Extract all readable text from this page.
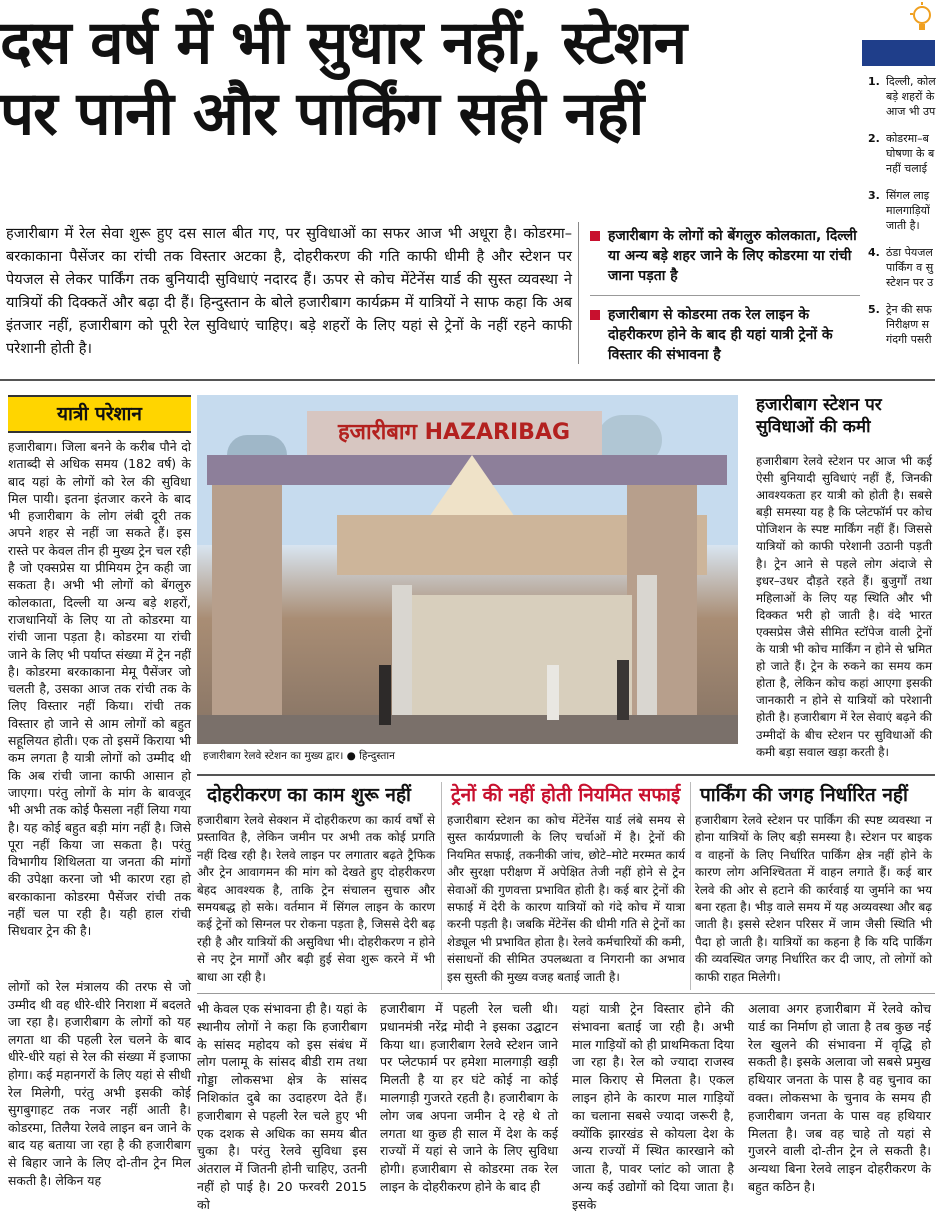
दस वर्ष में भी सुधार नहीं, स्टेशन
पर पानी और पार्किंग सही नहीं	1. दिल्ली, कोल
बड़े शहरों के
आज भी उप
2. कोडरमा–ब
घोषणा के ब
नहीं चलाई
3. सिंगल लाइ
मालगाड़ियों
जाती है।
4. ठंडा पेयजल
पार्किंग व सु
स्टेशन पर उ
5. ट्रेन की सफ
निरीक्षण स
गंदगी पसरी
हजारीबाग में रेल सेवा शुरू हुए दस साल बीत गए, पर सुविधाओं का सफर आज भी अधूरा है। कोडरमा–बरकाकाना पैसेंजर का रांची तक विस्तार अटका है, दोहरीकरण की गति काफी धीमी है और स्टेशन पर पेयजल से लेकर पार्किंग तक बुनियादी सुविधाएं नदारद हैं। ऊपर से कोच मेंटेनेंस यार्ड की सुस्त व्यवस्था ने यात्रियों की दिक्कतें और बढ़ा दी हैं। हिन्दुस्तान के बोले हजारीबाग कार्यक्रम में यात्रियों ने साफ कहा कि अब इंतजार नहीं, हजारीबाग को पूरी रेल सुविधाएं चाहिए। बड़े शहरों के लिए यहां से ट्रेनों के नहीं रहने काफी परेशानी होती है।
हजारीबाग के लोगों को बेंगलुरु कोलकाता, दिल्ली या अन्य बड़े शहर जाने के लिए कोडरमा या रांची जाना पड़ता है
हजारीबाग से कोडरमा तक रेल लाइन के दोहरीकरण होने के बाद ही यहां यात्री ट्रेनों के विस्तार की संभावना है
यात्री परेशान
हजारीबाग। जिला बनने के करीब पौने दो शताब्दी से अधिक समय (182 वर्ष) के बाद यहां के लोगों को रेल की सुविधा मिल पायी। इतना इंतजार करने के बाद भी हजारीबाग के लोग लंबी दूरी तक अपने शहर से नहीं जा सकते हैं। इस रास्ते पर केवल तीन ही मुख्य ट्रेन चल रही है जो एक्सप्रेस या प्रीमियम ट्रेन कही जा सकता है। अभी भी लोगों को बेंगलुरु कोलकाता, दिल्ली या अन्य बड़े शहरों, राजधानियों के लिए या तो कोडरमा या रांची जाना पड़ता है। कोडरमा या रांची जाने के लिए भी पर्याप्त संख्या में ट्रेन नहीं है। कोडरमा बरकाकाना मेमू पैसेंजर जो चलती है, उसका आज तक रांची तक के लिए विस्तार नहीं किया। रांची तक विस्तार हो जाने से आम लोगों को बहुत सहूलियत होती। एक तो इसमें किराया भी कम लगता है यात्री लोगों को उम्मीद थी कि अब रांची जाना काफी आसान हो जाएगा। परंतु लोगों के मांग के बावजूद भी अभी तक कोई फैसला नहीं लिया गया है। यह कोई बहुत बड़ी मांग नहीं है। जिसे पूरा नहीं किया जा सकता है। परंतु विभागीय शिथिलता या जनता की मांगों की उपेक्षा करना जो भी कारण रहा हो बरकाकाना कोडरमा पैसेंजर रांची तक नहीं चल पा रही है। यही हाल रांची सिधवार ट्रेन की है।
लोगों को रेल मंत्रालय की तरफ से जो उम्मीद थी वह धीरे-धीरे निराशा में बदलते जा रहा है। हजारीबाग के लोगों को यह लगता था की पहली रेल चलने के बाद धीरे-धीरे यहां से रेल की संख्या में इजाफा होगा। कई महानगरों के लिए यहां से सीधी रेल मिलेगी, परंतु अभी इसकी कोई सुगबुगाहट तक नजर नहीं आती है। कोडरमा, तिलैया रेलवे लाइन बन जाने के बाद यह बताया जा रहा है की हजारीबाग से बिहार जाने के लिए दो-तीन ट्रेन मिल सकती है। लेकिन यह
हजारीबाग HAZARIBAG
हजारीबाग रेलवे स्टेशन का मुख्य द्वार। ● हिन्दुस्तान
हजारीबाग स्टेशन पर सुविधाओं की कमी
हजारीबाग रेलवे स्टेशन पर आज भी कई ऐसी बुनियादी सुविधाएं नहीं हैं, जिनकी आवश्यकता हर यात्री को होती है। सबसे बड़ी समस्या यह है कि प्लेटफॉर्म पर कोच पोजिशन के स्पष्ट मार्किंग नहीं हैं। जिससे यात्रियों को काफी परेशानी उठानी पड़ती है। ट्रेन आने से पहले लोग अंदाजे से इधर–उधर दौड़ते रहते हैं। बुजुर्गों तथा महिलाओं के लिए यह स्थिति और भी दिक्कत भरी हो जाती है। वंदे भारत एक्सप्रेस जैसे सीमित स्टॉपेज वाली ट्रेनों के यात्री भी कोच मार्किंग न होने से भ्रमित हो जाते हैं। ट्रेन के रुकने का समय कम होता है, लेकिन कोच कहां आएगा इसकी जानकारी न होने से यात्रियों को परेशानी होती है। हजारीबाग में रेल सेवाएं बढ़ने की उम्मीदों के बीच स्टेशन पर सुविधाओं की कमी बड़ा सवाल खड़ा करती है।
दोहरीकरण का काम शुरू नहीं ट्रेनों की नहीं होती नियमित सफाई पार्किंग की जगह निर्धारित नहीं
हजारीबाग रेलवे सेक्शन में दोहरीकरण का कार्य वर्षों से प्रस्तावित है, लेकिन जमीन पर अभी तक कोई प्रगति नहीं दिख रही है। रेलवे लाइन पर लगातार बढ़ते ट्रैफिक और ट्रेन आवागमन की मांग को देखते हुए दोहरीकरण बेहद आवश्यक है, ताकि ट्रेन संचालन सुचारु और समयबद्ध हो सके। वर्तमान में सिंगल लाइन के कारण कई ट्रेनों को सिग्नल पर रोकना पड़ता है, जिससे देरी बढ़ रही है और यात्रियों की असुविधा भी। दोहरीकरण न होने से नए ट्रेन मार्गों और बढ़ी हुई सेवा शुरू करने में भी बाधा आ रही है।
हजारीबाग स्टेशन का कोच मेंटेनेंस यार्ड लंबे समय से सुस्त कार्यप्रणाली के लिए चर्चाओं में है। ट्रेनों की नियमित सफाई, तकनीकी जांच, छोटे–मोटे मरम्मत कार्य और सुरक्षा परीक्षण में अपेक्षित तेजी नहीं होने से ट्रेन सेवाओं की गुणवत्ता प्रभावित होती है। कई बार ट्रेनों की सफाई में देरी के कारण यात्रियों को गंदे कोच में यात्रा करनी पड़ती है। जबकि मेंटेनेंस की धीमी गति से ट्रेनों का शेड्यूल भी प्रभावित होता है। रेलवे कर्मचारियों की कमी, संसाधनों की सीमित उपलब्धता व निगरानी का अभाव इस सुस्ती की मुख्य वजह बताई जाती है।
हजारीबाग रेलवे स्टेशन पर पार्किंग की स्पष्ट व्यवस्था न होना यात्रियों के लिए बड़ी समस्या है। स्टेशन पर बाइक व वाहनों के लिए निर्धारित पार्किंग क्षेत्र नहीं होने के कारण लोग अनिश्चितता में वाहन लगाते हैं। कई बार रेलवे की ओर से हटाने की कार्रवाई या जुर्माने का भय बना रहता है। भीड़ वाले समय में यह अव्यवस्था और बढ़ जाती है। इससे स्टेशन परिसर में जाम जैसी स्थिति भी पैदा हो जाती है। यात्रियों का कहना है कि यदि पार्किंग की व्यवस्थित जगह निर्धारित कर दी जाए, तो लोगों को काफी राहत मिलेगी।
भी केवल एक संभावना ही है। यहां के स्थानीय लोगों ने कहा कि हजारीबाग के सांसद महोदय को इस संबंध में लोग पलामू के सांसद बीडी राम तथा गोड्डा लोकसभा क्षेत्र के सांसद निशिकांत दुबे का उदाहरण देते हैं। हजारीबाग से पहली रेल चले हुए भी एक दशक से अधिक का समय बीत चुका है। परंतु रेलवे सुविधा इस अंतराल में जितनी होनी चाहिए, उतनी नहीं हो पाई है। 20 फरवरी 2015 को
हजारीबाग में पहली रेल चली थी। प्रधानमंत्री नरेंद्र मोदी ने इसका उद्घाटन किया था। हजारीबाग रेलवे स्टेशन जाने पर प्लेटफार्म पर हमेशा मालगाड़ी खड़ी मिलती है या हर घंटे कोई ना कोई मालगाड़ी गुजरते रहती है। हजारीबाग के लोग जब अपना जमीन दे रहे थे तो लगता था कुछ ही साल में देश के कई राज्यों में यहां से जाने के लिए सुविधा होगी। हजारीबाग से कोडरमा तक रेल लाइन के दोहरीकरण होने के बाद ही
यहां यात्री ट्रेन विस्तार होने की संभावना बताई जा रही है। अभी माल गाड़ियों को ही प्राथमिकता दिया जा रहा है। रेल को ज्यादा राजस्व माल किराए से मिलता है। एकल लाइन होने के कारण माल गाड़ियों का चलाना सबसे ज्यादा जरूरी है, क्योंकि झारखंड से कोयला देश के अन्य राज्यों में स्थित कारखाने को जाता है, पावर प्लांट को जाता है अन्य कई उद्योगों को दिया जाता है। इसके
अलावा अगर हजारीबाग में रेलवे कोच यार्ड का निर्माण हो जाता है तब कुछ नई रेल खुलने की संभावना में वृद्धि हो सकती है। इसके अलावा जो सबसे प्रमुख हथियार जनता के पास है वह चुनाव का वक्त। लोकसभा के चुनाव के समय ही हजारीबाग जनता के पास वह हथियार मिलता है। जब वह चाहे तो यहां से गुजरने वाली दो-तीन ट्रेन ले सकती है। अन्यथा बिना रेलवे लाइन दोहरीकरण के बहुत कठिन है।
